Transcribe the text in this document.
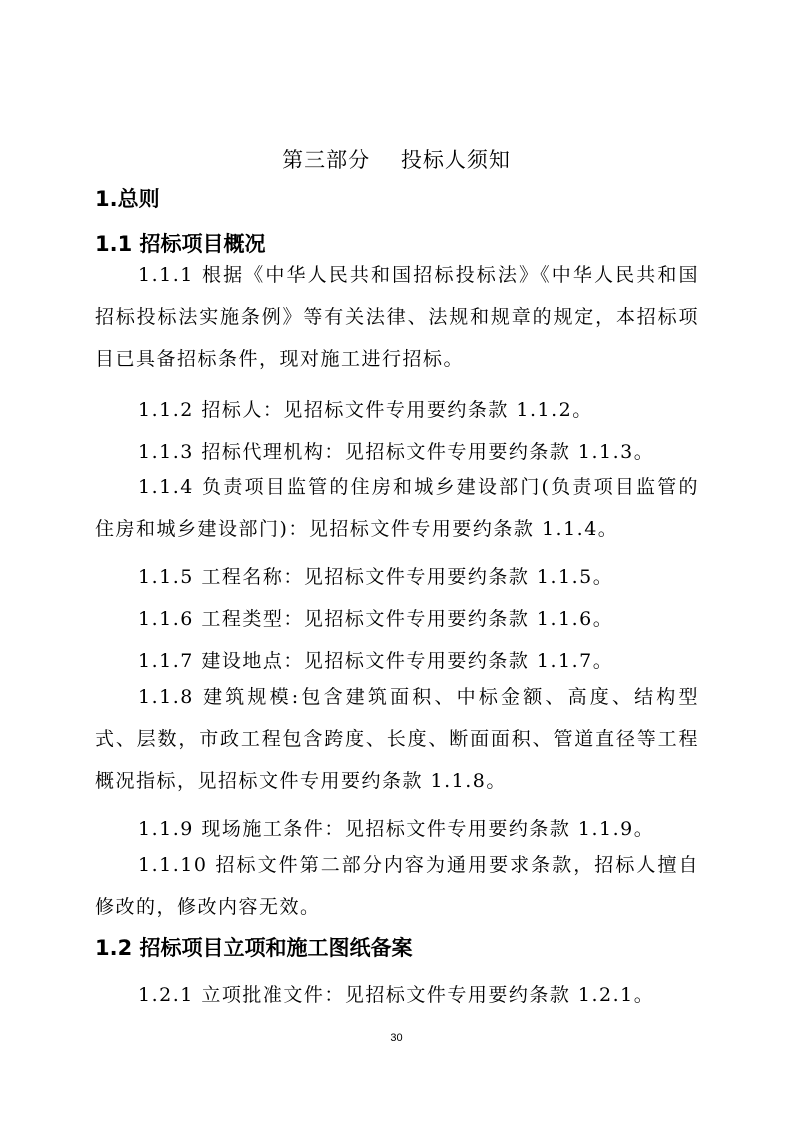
第三部分    投标人须知
1.总则
1.1 招标项目概况
1.1.1 根据《中华人民共和国招标投标法》《中华人民共和国招标投标法实施条例》等有关法律、法规和规章的规定，本招标项目已具备招标条件，现对施工进行招标。
1.1.2 招标人：见招标文件专用要约条款 1.1.2。
1.1.3 招标代理机构：见招标文件专用要约条款 1.1.3。
1.1.4 负责项目监管的住房和城乡建设部门(负责项目监管的住房和城乡建设部门)：见招标文件专用要约条款 1.1.4。
1.1.5 工程名称：见招标文件专用要约条款 1.1.5。
1.1.6 工程类型：见招标文件专用要约条款 1.1.6。
1.1.7 建设地点：见招标文件专用要约条款 1.1.7。
1.1.8 建筑规模:包含建筑面积、中标金额、高度、结构型式、层数，市政工程包含跨度、长度、断面面积、管道直径等工程概况指标，见招标文件专用要约条款 1.1.8。
1.1.9 现场施工条件：见招标文件专用要约条款 1.1.9。
1.1.10 招标文件第二部分内容为通用要求条款，招标人擅自修改的，修改内容无效。
1.2 招标项目立项和施工图纸备案
1.2.1 立项批准文件：见招标文件专用要约条款 1.2.1。
30
